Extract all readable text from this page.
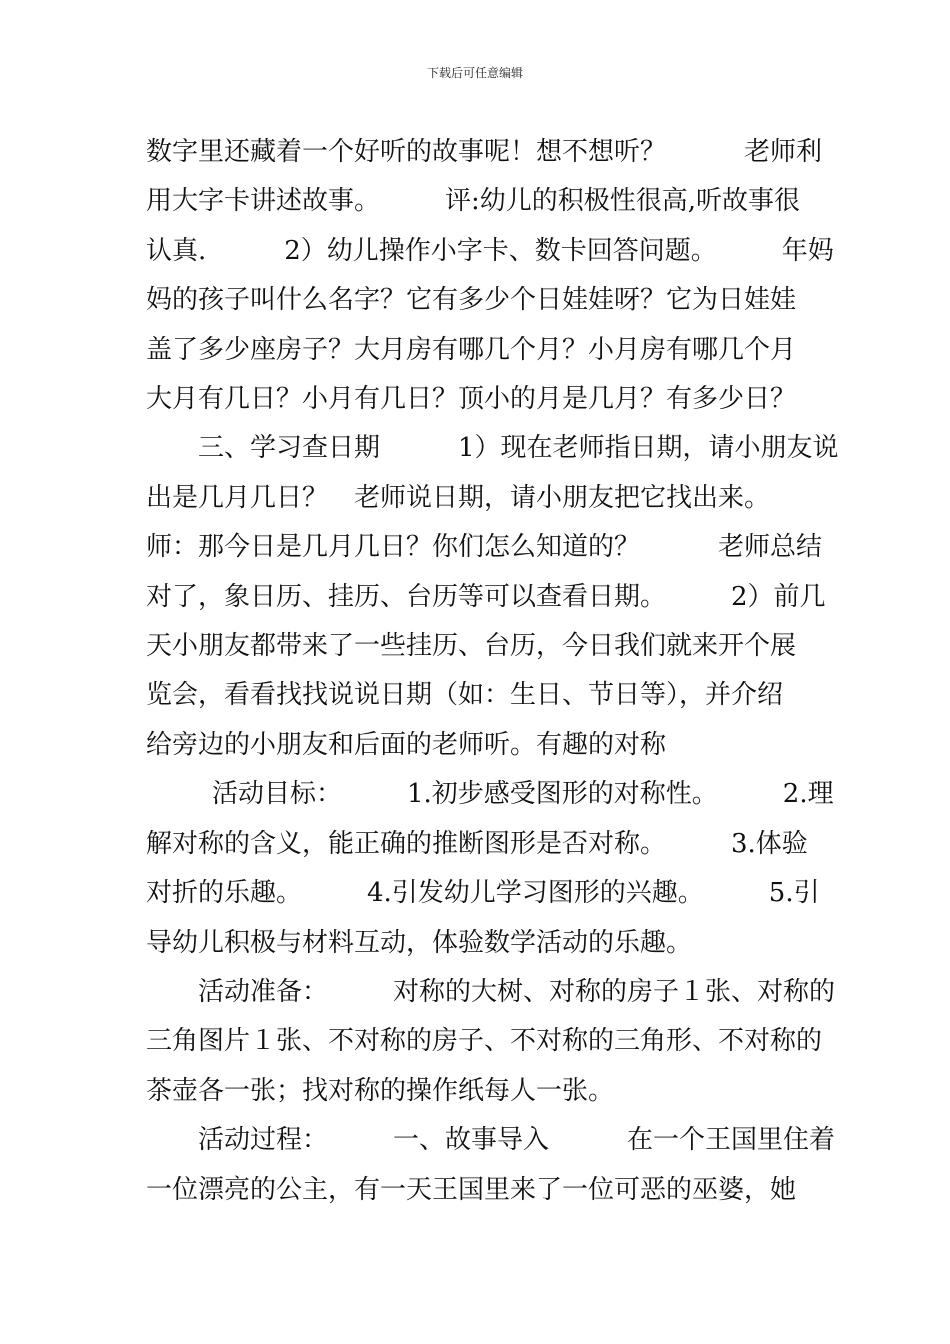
下载后可任意编辑
数字里还藏着一个好听的故事呢！想不想听？　　　老师利
用大字卡讲述故事。　　　评:幼儿的积极性很高,听故事很
认真.　　　2）幼儿操作小字卡、数卡回答问题。　　　年妈
妈的孩子叫什么名字？它有多少个日娃娃呀？它为日娃娃
盖了多少座房子？大月房有哪几个月？小月房有哪几个月
大月有几日？小月有几日？顶小的月是几月？有多少日？
三、学习查日期　　　1）现在老师指日期，请小朋友说
出是几月几日？　老师说日期，请小朋友把它找出来。
师：那今日是几月几日？你们怎么知道的？　　　老师总结
对了，象日历、挂历、台历等可以查看日期。　　　2）前几
天小朋友都带来了一些挂历、台历，今日我们就来开个展
览会，看看找找说说日期（如：生日、节日等），并介绍
给旁边的小朋友和后面的老师听。有趣的对称
活动目标：　　　1.初步感受图形的对称性。　　　2.理
解对称的含义，能正确的推断图形是否对称。　　　3.体验
对折的乐趣。　　　4.引发幼儿学习图形的兴趣。　　　5.引
导幼儿积极与材料互动，体验数学活动的乐趣。
活动准备：　　　对称的大树、对称的房子１张、对称的
三角图片１张、不对称的房子、不对称的三角形、不对称的
茶壶各一张；找对称的操作纸每人一张。
活动过程：　　　一、故事导入　　　在一个王国里住着
一位漂亮的公主，有一天王国里来了一位可恶的巫婆，她
